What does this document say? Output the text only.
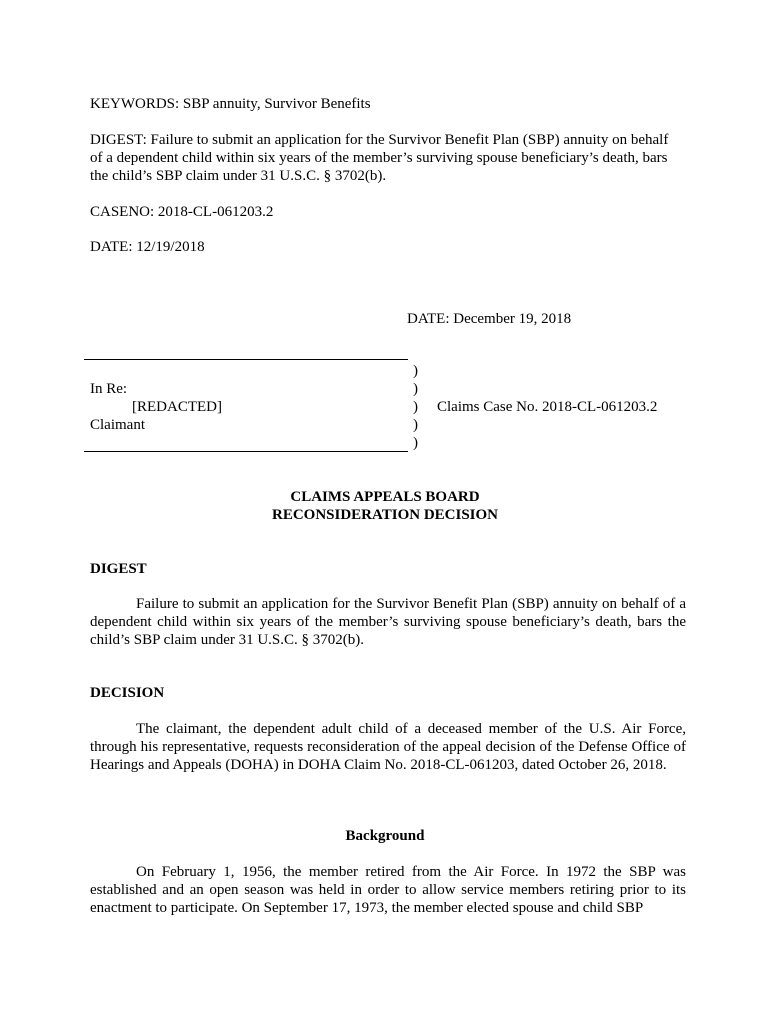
KEYWORDS: SBP annuity, Survivor Benefits
DIGEST: Failure to submit an application for the Survivor Benefit Plan (SBP) annuity on behalf
of a dependent child within six years of the member’s surviving spouse beneficiary’s death, bars
the child’s SBP claim under 31 U.S.C. § 3702(b).
CASENO: 2018-CL-061203.2
DATE: 12/19/2018
DATE: December 19, 2018
In Re:
[REDACTED]
Claimant
)
)
)
)
)
Claims Case No. 2018-CL-061203.2
CLAIMS APPEALS BOARD
RECONSIDERATION DECISION
DIGEST

Failure to submit an application for the Survivor Benefit Plan (SBP) annuity on behalf of a dependent child within six years of the member’s surviving spouse beneficiary’s death, bars the child’s SBP claim under 31 U.S.C. § 3702(b).

DECISION

The claimant, the dependent adult child of a deceased member of the U.S. Air Force, through his representative, requests reconsideration of the appeal decision of the Defense Office of Hearings and Appeals (DOHA) in DOHA Claim No. 2018-CL-061203, dated October 26, 2018.

Background

On February 1, 1956, the member retired from the Air Force. In 1972 the SBP was established and an open season was held in order to allow service members retiring prior to its enactment to participate. On September 17, 1973, the member elected spouse and child SBP
